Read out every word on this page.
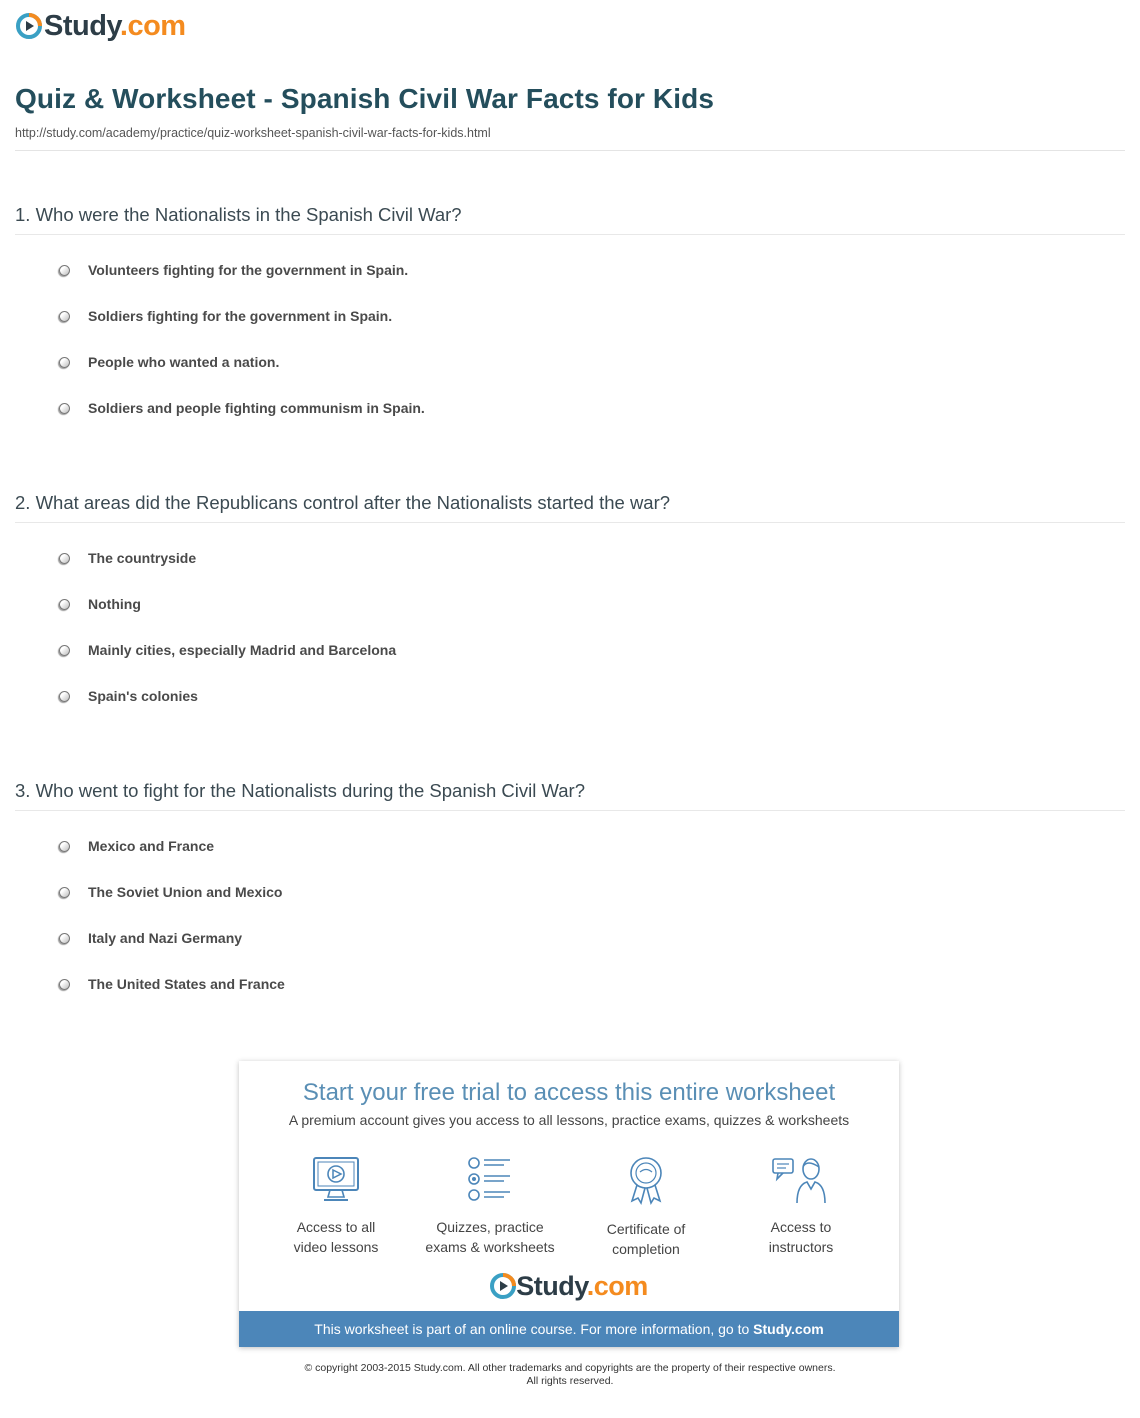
Study.com
Quiz & Worksheet - Spanish Civil War Facts for Kids
http://study.com/academy/practice/quiz-worksheet-spanish-civil-war-facts-for-kids.html

1. Who were the Nationalists in the Spanish Civil War?

Volunteers fighting for the government in Spain.
Soldiers fighting for the government in Spain.
People who wanted a nation.
Soldiers and people fighting communism in Spain.

2. What areas did the Republicans control after the Nationalists started the war?

The countryside
Nothing
Mainly cities, especially Madrid and Barcelona
Spain's colonies

3. Who went to fight for the Nationalists during the Spanish Civil War?

Mexico and France
The Soviet Union and Mexico
Italy and Nazi Germany
The United States and France
Start your free trial to access this entire worksheet
A premium account gives you access to all lessons, practice exams, quizzes & worksheets
Access to all
video lessons
Quizzes, practice
exams & worksheets
Certificate of
completion
Access to
instructors
Study.com
This worksheet is part of an online course. For more information, go to Study.com
© copyright 2003-2015 Study.com. All other trademarks and copyrights are the property of their respective owners.
All rights reserved.
